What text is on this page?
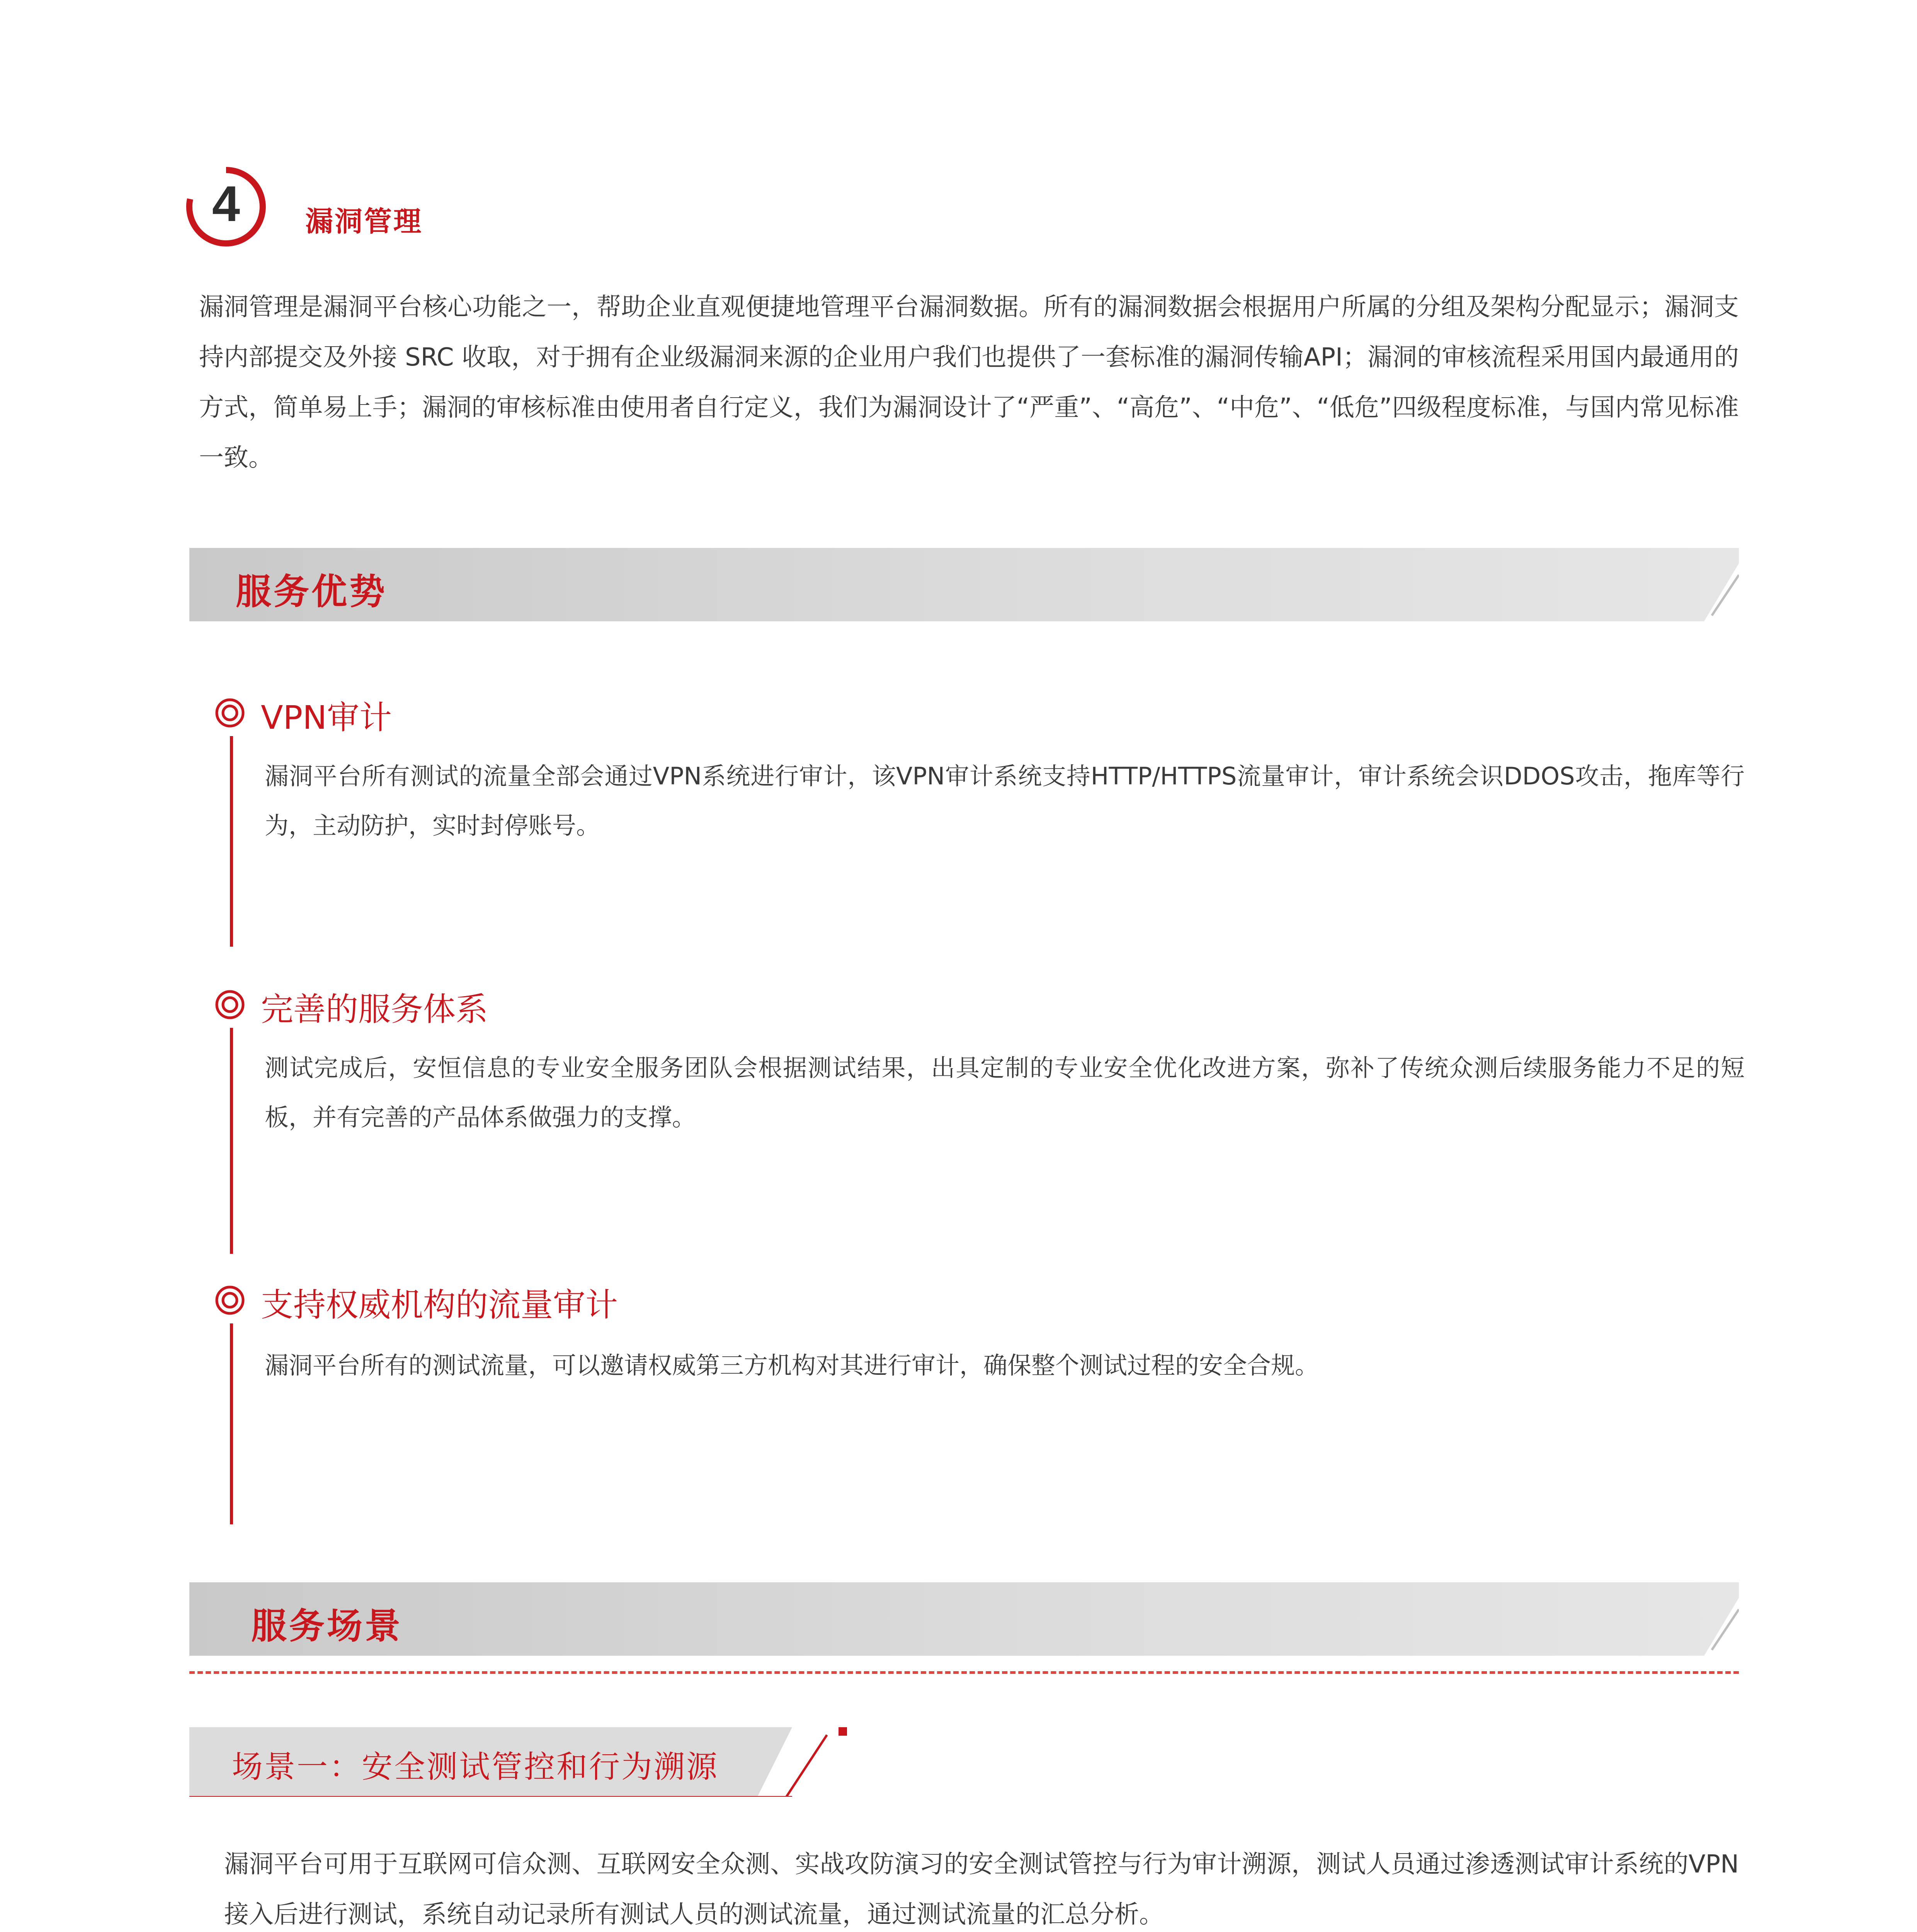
4 漏洞管理

漏洞管理是漏洞平台核心功能之一，帮助企业直观便捷地管理平台漏洞数据。所有的漏洞数据会根据用户所属的分组及架构分配显示；漏洞支持内部提交及外接 SRC 收取，对于拥有企业级漏洞来源的企业用户我们也提供了一套标准的漏洞传输API；漏洞的审核流程采用国内最通用的方式，简单易上手；漏洞的审核标准由使用者自行定义，我们为漏洞设计了“严重”、“高危”、“中危”、“低危”四级程度标准，与国内常见标准一致。

服务优势
VPN审计

漏洞平台所有测试的流量全部会通过VPN系统进行审计，该VPN审计系统支持HTTP/HTTPS流量审计，审计系统会识DDOS攻击，拖库等行为，主动防护，实时封停账号。

完善的服务体系

测试完成后，安恒信息的专业安全服务团队会根据测试结果，出具定制的专业安全优化改进方案，弥补了传统众测后续服务能力不足的短板，并有完善的产品体系做强力的支撑。

支持权威机构的流量审计

漏洞平台所有的测试流量，可以邀请权威第三方机构对其进行审计，确保整个测试过程的安全合规。

服务场景
场景一：安全测试管控和行为溯源

漏洞平台可用于互联网可信众测、互联网安全众测、实战攻防演习的安全测试管控与行为审计溯源，测试人员通过渗透测试审计系统的VPN接入后进行测试，系统自动记录所有测试人员的测试流量，通过测试流量的汇总分析。
